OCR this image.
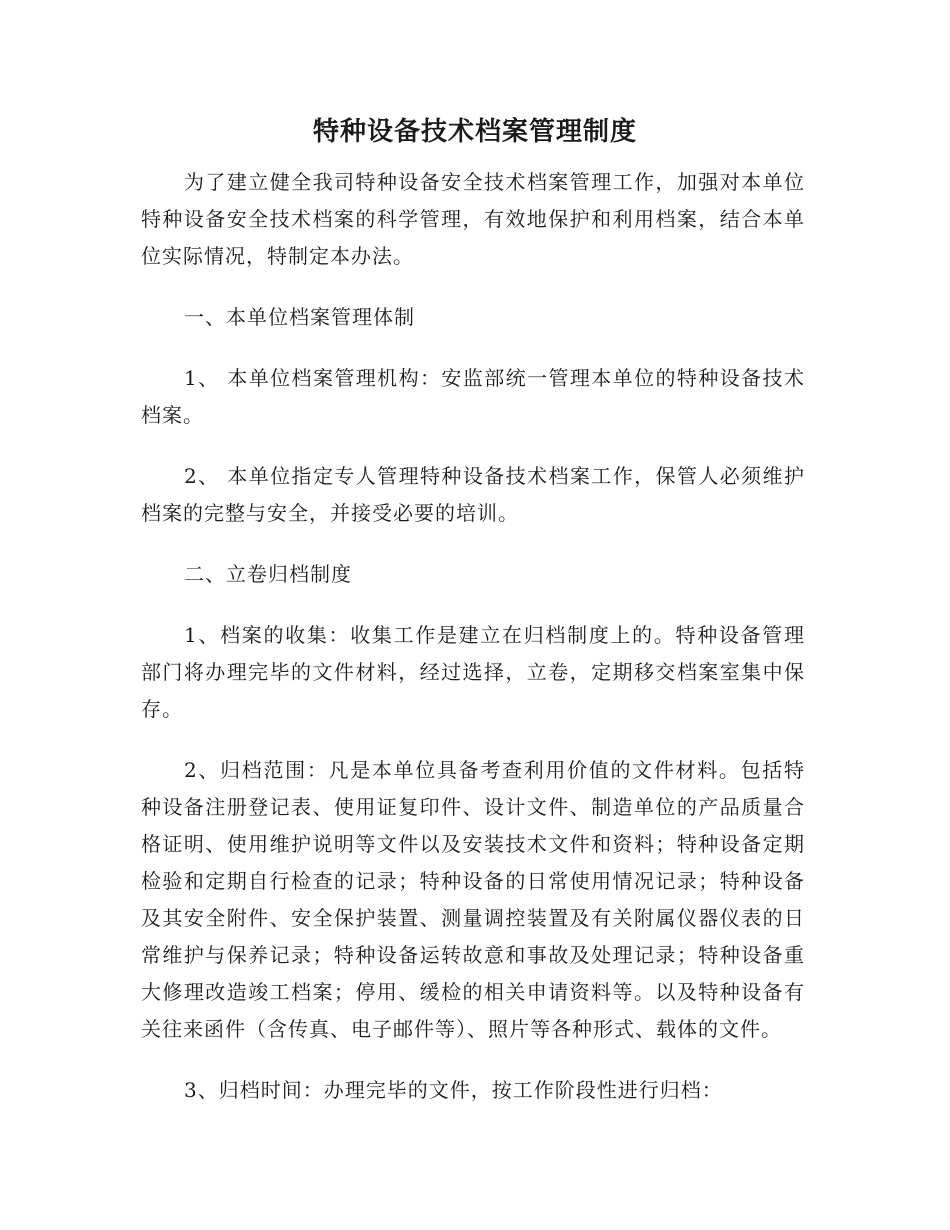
特种设备技术档案管理制度

为了建立健全我司特种设备安全技术档案管理工作，加强对本单位特种设备安全技术档案的科学管理，有效地保护和利用档案，结合本单位实际情况，特制定本办法。

一、本单位档案管理体制

1、 本单位档案管理机构：安监部统一管理本单位的特种设备技术档案。

2、 本单位指定专人管理特种设备技术档案工作，保管人必须维护档案的完整与安全，并接受必要的培训。

二、立卷归档制度

1、档案的收集：收集工作是建立在归档制度上的。特种设备管理部门将办理完毕的文件材料，经过选择，立卷，定期移交档案室集中保存。

2、归档范围：凡是本单位具备考查利用价值的文件材料。包括特种设备注册登记表、使用证复印件、设计文件、制造单位的产品质量合格证明、使用维护说明等文件以及安装技术文件和资料；特种设备定期检验和定期自行检查的记录；特种设备的日常使用情况记录；特种设备及其安全附件、安全保护装置、测量调控装置及有关附属仪器仪表的日常维护与保养记录；特种设备运转故意和事故及处理记录；特种设备重大修理改造竣工档案；停用、缓检的相关申请资料等。以及特种设备有关往来函件（含传真、电子邮件等）、照片等各种形式、载体的文件。

3、归档时间：办理完毕的文件，按工作阶段性进行归档：
